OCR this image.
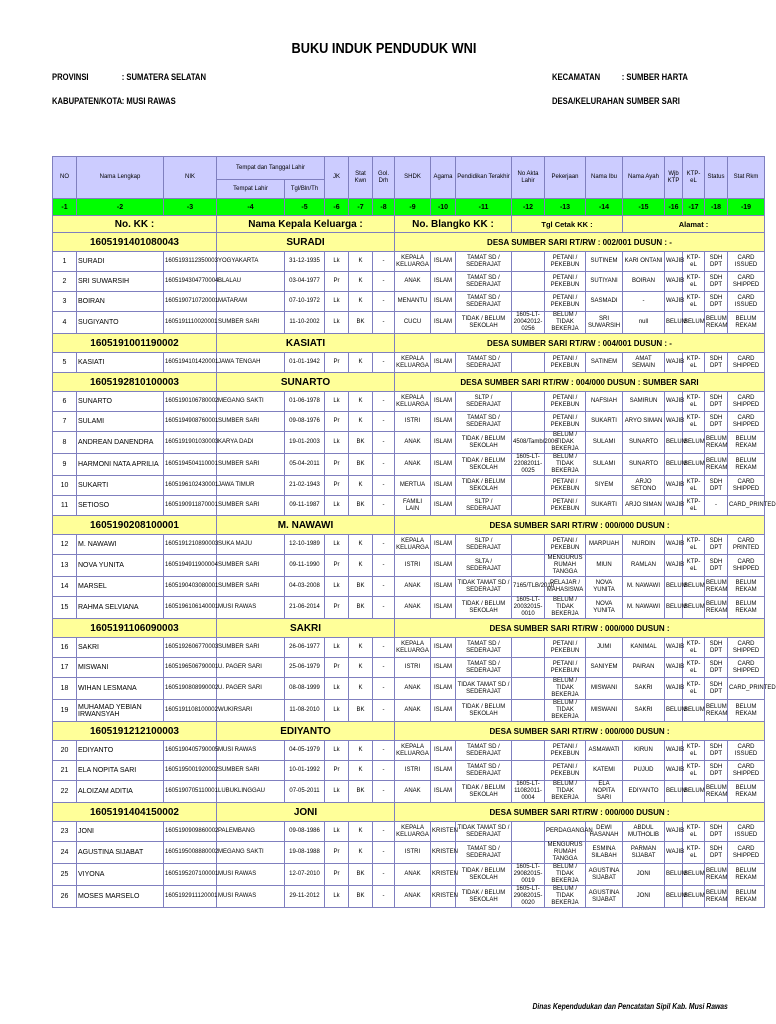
BUKU INDUK PENDUDUK WNI
PROVINSI	: SUMATERA SELATAN
KABUPATEN/KOTA: MUSI RAWAS
KECAMATAN : SUMBER HARTA
DESA/KELURAHAN: SUMBER SARI
NO	Nama Lengkap	NIK	Tempat dan Tanggal Lahir		JK	Stat Kwn	Gol. Drh	SHDK	Agama	Pendidikan Terakhir	No Akta Lahir	Pekerjaan	Nama Ibu	Nama Ayah	Wjb KTP	KTP-eL	Status	Stat Rkm
			Tempat Lahir	Tgl/Bln/Th														
-1	-2	-3	-4	-5	-6	-7	-8	-9	-10	-11	-12	-13	-14	-15	-16	-17	-18	-19
No. KK :			Nama Kepala Keluarga :					No. Blangko KK :			Tgl Cetak KK :			Alamat :				
1605191401080043			SURADI					DESA SUMBER SARI RT/RW : 002/001 DUSUN : -										
1	SURADI	1605193112350003	YOGYAKARTA	31-12-1935	Lk	K	-	KEPALA KELUARGA	ISLAM	TAMAT SD / SEDERAJAT		PETANI / PEKEBUN	SUTINEM	KARI ONTANI	WAJIB	KTP-eL	SDH DPT	CARD ISSUED
2	SRI SUWARSIH	1605194304770004	BLALAU	03-04-1977	Pr	K	-	ANAK	ISLAM	TAMAT SD / SEDERAJAT		PETANI / PEKEBUN	SUTIYANI	BOIRAN	WAJIB	KTP-eL	SDH DPT	CARD SHIPPED
3	BOIRAN	1605190710720001	MATARAM	07-10-1972	Lk	K	-	MENANTU	ISLAM	TAMAT SD / SEDERAJAT		PETANI / PEKEBUN	SASMADI	-	WAJIB	KTP-eL	SDH DPT	CARD ISSUED
4	SUGIYANTO	1605191110020001	SUMBER SARI	11-10-2002	Lk	BK	-	CUCU	ISLAM	TIDAK / BELUM SEKOLAH	1605-LT-20042012-0256	BELUM / TIDAK BEKERJA	SRI SUWARSIH	null	BELUM	BELUM	BELUM REKAM	BELUM REKAM
1605191001190002			KASIATI					DESA SUMBER SARI RT/RW : 004/001 DUSUN : -										
5	KASIATI	1605194101420001	JAWA TENGAH	01-01-1942	Pr	K	-	KEPALA KELUARGA	ISLAM	TAMAT SD / SEDERAJAT		PETANI / PEKEBUN	SATINEM	AMAT SEMAIN	WAJIB	KTP-eL	SDH DPT	CARD SHIPPED
1605192810100003			SUNARTO					DESA SUMBER SARI RT/RW : 004/000 DUSUN : SUMBER SARI										
6	SUNARTO	1605190106780002	MEGANG SAKTI	01-06-1978	Lk	K	-	KEPALA KELUARGA	ISLAM	SLTP / SEDERAJAT		PETANI / PEKEBUN	NAFSIAH	SAMIRUN	WAJIB	KTP-eL	SDH DPT	CARD SHIPPED
7	SULAMI	1605194908760001	SUMBER SARI	09-08-1976	Pr	K	-	ISTRI	ISLAM	TAMAT SD / SEDERAJAT		PETANI / PEKEBUN	SUKARTI	ARYO SIMAN	WAJIB	KTP-eL	SDH DPT	CARD SHIPPED
8	ANDREAN DANENDRA	1605191901030003	KARYA DADI	19-01-2003	Lk	BK	-	ANAK	ISLAM	TIDAK / BELUM SEKOLAH	4508/Tamb/2006	BELUM / TIDAK BEKERJA	SULAMI	SUNARTO	BELUM	BELUM	BELUM REKAM	BELUM REKAM
9	HARMONI NATA APRILIA	1605194504110001	SUMBER SARI	05-04-2011	Pr	BK	-	ANAK	ISLAM	TIDAK / BELUM SEKOLAH	1605-LT-22082011-0025	BELUM / TIDAK BEKERJA	SULAMI	SUNARTO	BELUM	BELUM	BELUM REKAM	BELUM REKAM
10	SUKARTI	1605196102430001	JAWA TIMUR	21-02-1943	Pr	K	-	MERTUA	ISLAM	TIDAK / BELUM SEKOLAH		PETANI / PEKEBUN	SIYEM	ARJO SETONO	WAJIB	KTP-eL	SDH DPT	CARD SHIPPED
11	SETIOSO	1605190911870001	SUMBER SARI	09-11-1987	Lk	BK	-	FAMILI LAIN	ISLAM	SLTP / SEDERAJAT		PETANI / PEKEBUN	SUKARTI	ARJO SIMAN	WAJIB	KTP-eL	-	CARD_PRINTED
1605190208100001			M. NAWAWI					DESA SUMBER SARI RT/RW : 000/000 DUSUN :										
12	M. NAWAWI	1605191210890003	SUKA MAJU	12-10-1989	Lk	K	-	KEPALA KELUARGA	ISLAM	SLTP / SEDERAJAT		PETANI / PEKEBUN	MARPUAH	NURDIN	WAJIB	KTP-eL	SDH DPT	CARD PRINTED
13	NOVA YUNITA	1605194911900004	SUMBER SARI	09-11-1990	Pr	K	-	ISTRI	ISLAM	SLTA / SEDERAJAT		MENGURUS RUMAH TANGGA	MIUN	RAMLAN	WAJIB	KTP-eL	SDH DPT	CARD SHIPPED
14	MARSEL	1605190403080001	SUMBER SARI	04-03-2008	Lk	BK	-	ANAK	ISLAM	TIDAK TAMAT SD / SEDERAJAT	7165/TLB/2010	PELAJAR / MAHASISWA	NOVA YUNITA	M. NAWAWI	BELUM	BELUM	BELUM REKAM	BELUM REKAM
15	RAHMA SELVIANA	1605196106140001	MUSI RAWAS	21-06-2014	Pr	BK	-	ANAK	ISLAM	TIDAK / BELUM SEKOLAH	1605-LT-20032015-0010	BELUM / TIDAK BEKERJA	NOVA YUNITA	M. NAWAWI	BELUM	BELUM	BELUM REKAM	BELUM REKAM
1605191106090003			SAKRI					DESA SUMBER SARI RT/RW : 000/000 DUSUN :										
16	SAKRI	1605192606770003	SUMBER SARI	26-06-1977	Lk	K	-	KEPALA KELUARGA	ISLAM	TAMAT SD / SEDERAJAT		PETANI / PEKEBUN	JUMI	KANIMAL	WAJIB	KTP-eL	SDH DPT	CARD SHIPPED
17	MISWANI	1605196506790001	U. PAGER SARI	25-06-1979	Pr	K	-	ISTRI	ISLAM	TAMAT SD / SEDERAJAT		PETANI / PEKEBUN	SANIYEM	PAIRAN	WAJIB	KTP-eL	SDH DPT	CARD SHIPPED
18	WIHAN LESMANA	1605190808990002	U. PAGER SARI	08-08-1999	Lk	K	-	ANAK	ISLAM	TIDAK TAMAT SD / SEDERAJAT		BELUM / TIDAK BEKERJA	MISWANI	SAKRI	WAJIB	KTP-eL	SDH DPT	CARD_PRINTED
19	MUHAMAD YEBIAN IRWANSYAH	1605191108100002	WUKIRSARI	11-08-2010	Lk	BK	-	ANAK	ISLAM	TIDAK / BELUM SEKOLAH		BELUM / TIDAK BEKERJA	MISWANI	SAKRI	BELUM	BELUM	BELUM REKAM	BELUM REKAM
1605191212100003			EDIYANTO					DESA SUMBER SARI RT/RW : 000/000 DUSUN :										
20	EDIYANTO	1605190405790005	MUSI RAWAS	04-05-1979	Lk	K	-	KEPALA KELUARGA	ISLAM	TAMAT SD / SEDERAJAT		PETANI / PEKEBUN	ASMAWATI	KIRUN	WAJIB	KTP-eL	SDH DPT	CARD ISSUED
21	ELA NOPITA SARI	1605195001920002	SUMBER SARI	10-01-1992	Pr	K	-	ISTRI	ISLAM	TAMAT SD / SEDERAJAT		PETANI / PEKEBUN	KATEMI	PUJUD	WAJIB	KTP-eL	SDH DPT	CARD SHIPPED
22	ALOIZAM ADITIA	1605190705110001	LUBUKLINGGAU	07-05-2011	Lk	BK	-	ANAK	ISLAM	TIDAK / BELUM SEKOLAH	1605-LT-11082011-0004	BELUM / TIDAK BEKERJA	ELA NOPITA SARI	EDIYANTO	BELUM	BELUM	BELUM REKAM	BELUM REKAM
1605191404150002			JONI					DESA SUMBER SARI RT/RW : 000/000 DUSUN :										
23	JONI	1605190909860002	PALEMBANG	09-08-1986	Lk	K	-	KEPALA KELUARGA	KRISTEN	TIDAK TAMAT SD / SEDERAJAT		PERDAGANGAN	DEWI HASANAH	ABDUL MUTHOLIB	WAJIB	KTP-eL	SDH DPT	CARD ISSUED
24	AGUSTINA SIJABAT	1605195008880002	MEGANG SAKTI	19-08-1988	Pr	K	-	ISTRI	KRISTEN	TAMAT SD / SEDERAJAT		MENGURUS RUMAH TANGGA	ESMINA SILABAH	PARMAN SIJABAT	WAJIB	KTP-eL	SDH DPT	CARD SHIPPED
25	VIYONA	1605195207100001	MUSI RAWAS	12-07-2010	Pr	BK	-	ANAK	KRISTEN	TIDAK / BELUM SEKOLAH	1605-LT-29082015-0019	BELUM / TIDAK BEKERJA	AGUSTINA SIJABAT	JONI	BELUM	BELUM	BELUM REKAM	BELUM REKAM
26	MOSES MARSELO	1605192911120001	MUSI RAWAS	29-11-2012	Lk	BK	-	ANAK	KRISTEN	TIDAK / BELUM SEKOLAH	1605-LT-29082015-0020	BELUM / TIDAK BEKERJA	AGUSTINA SIJABAT	JONI	BELUM	BELUM	BELUM REKAM	BELUM REKAM
Dinas Kependudukan dan Pencatatan Sipil Kab. Musi Rawas
